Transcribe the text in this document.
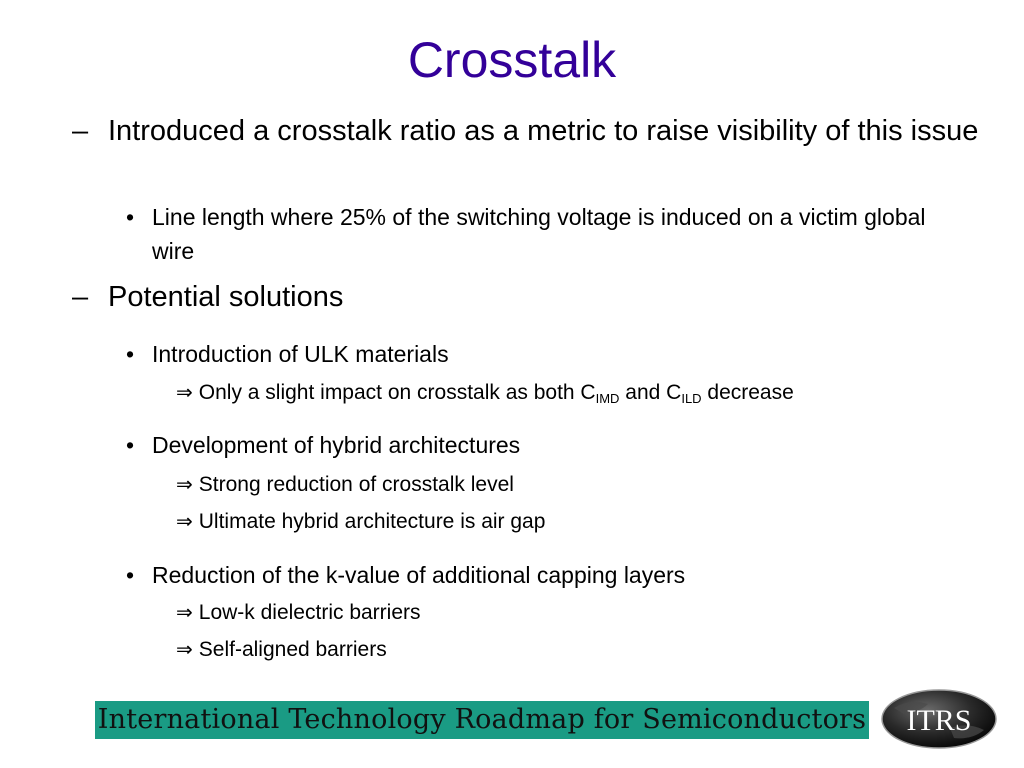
Crosstalk
– Introduced a crosstalk ratio as a metric to raise visibility of this issue
• Line length where 25% of the switching voltage is induced on a victim global wire
– Potential solutions
• Introduction of ULK materials
⇒ Only a slight impact on crosstalk as both $C_{IMD}$ and $C_{ILD}$ decrease
• Development of hybrid architectures
⇒ Strong reduction of crosstalk level
⇒ Ultimate hybrid architecture is air gap
• Reduction of the k-value of additional capping layers
⇒ Low-k dielectric barriers
⇒ Self-aligned barriers
International Technology Roadmap for Semiconductors ITRS
